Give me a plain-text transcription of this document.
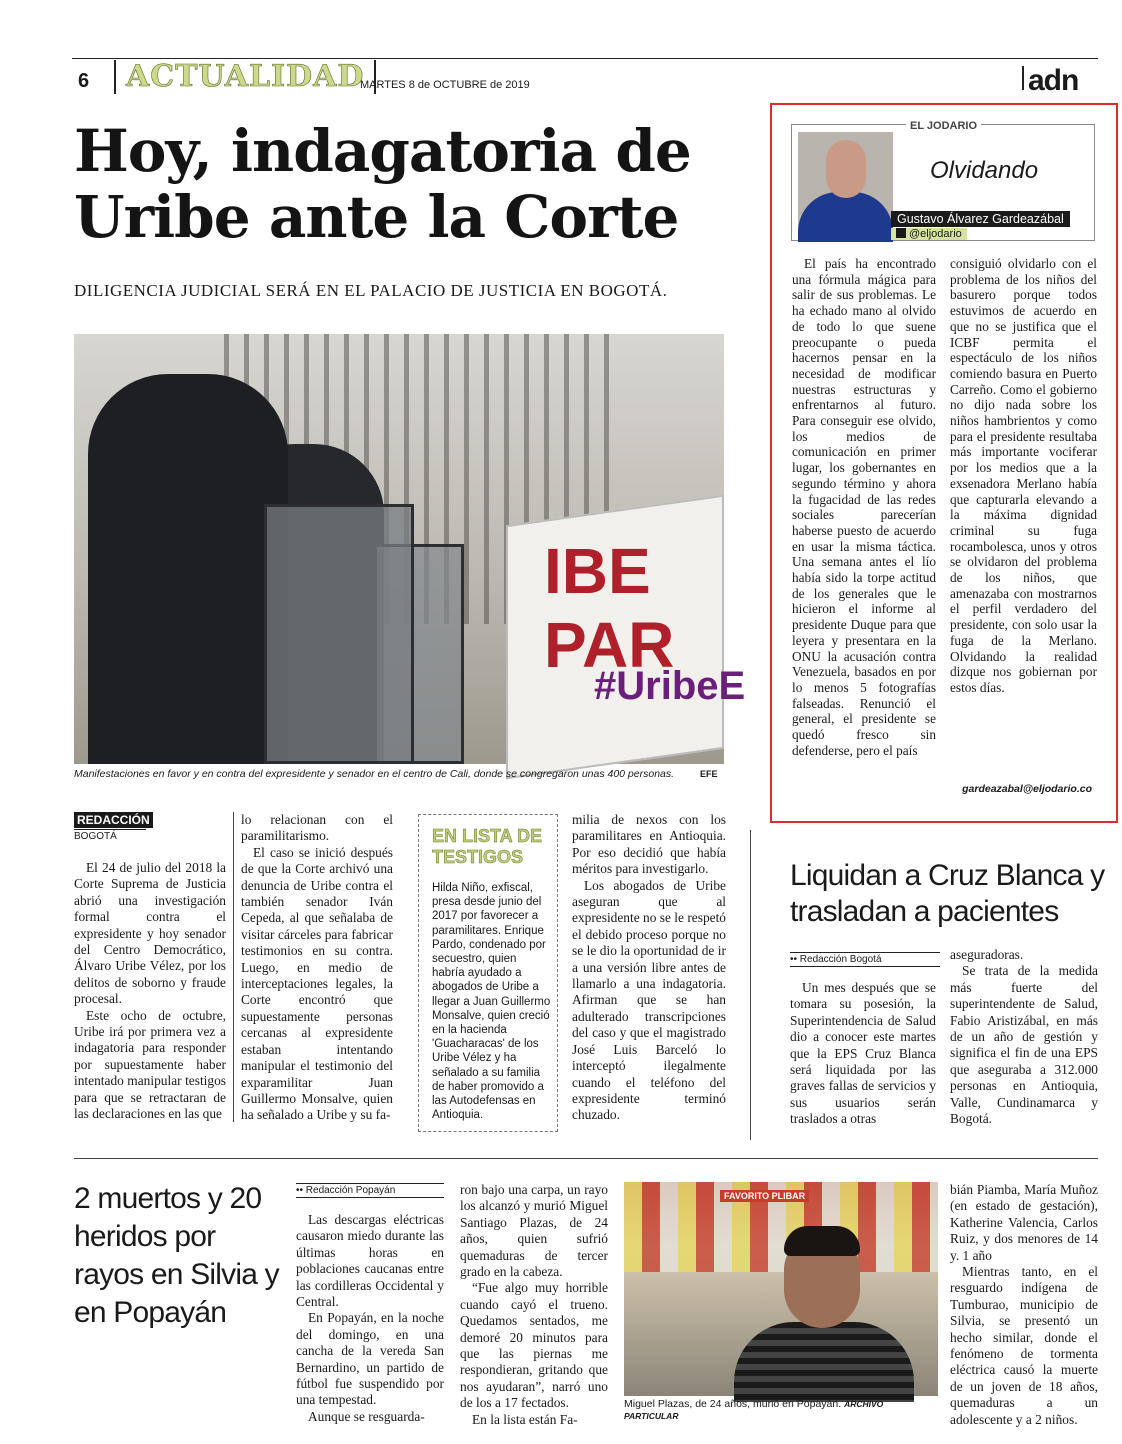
6	ACTUALIDAD
MARTES 8 de OCTUBRE de 2019	adn
Hoy, indagatoria de Uribe ante la Corte
DILIGENCIA JUDICIAL SERÁ EN EL PALACIO DE JUSTICIA EN BOGOTÁ.
IBE PAR
#UribeE
Manifestaciones en favor y en contra del expresidente y senador en el centro de Cali, donde se congregaron unas 400 personas.	EFE
REDACCIÓN
BOGOTÁ

El 24 de julio del 2018 la Corte Suprema de Justicia abrió una investigación formal contra el expresidente y hoy senador del Centro Democrático, Álvaro Uribe Vélez, por los delitos de soborno y fraude procesal.

Este ocho de octubre, Uribe irá por primera vez a indagatoria para responder por supuestamente haber intentado manipular testigos para que se retractaran de las declaraciones en las que

lo relacionan con el paramilitarismo.

El caso se inició después de que la Corte archivó una denuncia de Uribe contra el también senador Iván Cepeda, al que señalaba de visitar cárceles para fabricar testimonios en su contra. Luego, en medio de interceptaciones legales, la Corte encontró que supuestamente personas cercanas al expresidente estaban intentando manipular el testimonio del exparamilitar Juan Guillermo Monsalve, quien ha señalado a Uribe y su fa-

EN LISTA DE TESTIGOS
Hilda Niño, exfiscal, presa desde junio del 2017 por favorecer a paramilitares. Enrique Pardo, condenado por secuestro, quien habría ayudado a abogados de Uribe a llegar a Juan Guillermo Monsalve, quien creció en la hacienda 'Guacharacas' de los Uribe Vélez y ha señalado a su familia de haber promovido a las Autodefensas en Antioquia.

milia de nexos con los paramilitares en Antioquia. Por eso decidió que había méritos para investigarlo.

Los abogados de Uribe aseguran que al expresidente no se le respetó el debido proceso porque no se le dio la oportunidad de ir a una versión libre antes de llamarlo a una indagatoria. Afirman que se han adulterado transcripciones del caso y que el magistrado José Luis Barceló lo interceptó ilegalmente cuando el teléfono del expresidente terminó chuzado.

EL JODARIO
Olvidando
Gustavo Álvarez Gardeazábal
@eljodario

El país ha encontrado una fórmula mágica para salir de sus problemas. Le ha echado mano al olvido de todo lo que suene preocupante o pueda hacernos pensar en la necesidad de modificar nuestras estructuras y enfrentarnos al futuro. Para conseguir ese olvido, los medios de comunicación en primer lugar, los gobernantes en segundo término y ahora la fugacidad de las redes sociales parecerían haberse puesto de acuerdo en usar la misma táctica. Una semana antes el lío había sido la torpe actitud de los generales que le hicieron el informe al presidente Duque para que leyera y presentara en la ONU la acusación contra Venezuela, basados en por lo menos 5 fotografías falseadas. Renunció el general, el presidente se quedó fresco sin defenderse, pero el país

consiguió olvidarlo con el problema de los niños del basurero porque todos estuvimos de acuerdo en que no se justifica que el ICBF permita el espectáculo de los niños comiendo basura en Puerto Carreño. Como el gobierno no dijo nada sobre los niños hambrientos y como para el presidente resultaba más importante vociferar por los medios que a la exsenadora Merlano había que capturarla elevando a la máxima dignidad criminal su fuga rocambolesca, unos y otros se olvidaron del problema de los niños, que amenazaba con mostrarnos el perfil verdadero del presidente, con solo usar la fuga de la Merlano. Olvidando la realidad dizque nos gobiernan por estos días.

gardeazabal@eljodario.co
Liquidan a Cruz Blanca y trasladan a pacientes
•• Redacción Bogotá

Un mes después que se tomara su posesión, la Superintendencia de Salud dio a conocer este martes que la EPS Cruz Blanca será liquidada por las graves fallas de servicios y sus usuarios serán traslados a otras

aseguradoras.

Se trata de la medida más fuerte del superintendente de Salud, Fabio Aristizábal, en más de un año de gestión y significa el fin de una EPS que aseguraba a 312.000 personas en Antioquia, Valle, Cundinamarca y Bogotá.

2 muertos y 20 heridos por rayos en Silvia y en Popayán
•• Redacción Popayán

Las descargas eléctricas causaron miedo durante las últimas horas en poblaciones caucanas entre las cordilleras Occidental y Central.

En Popayán, en la noche del domingo, en una cancha de la vereda San Bernardino, un partido de fútbol fue suspendido por una tempestad.

Aunque se resguarda-

ron bajo una carpa, un rayo los alcanzó y murió Miguel Santiago Plazas, de 24 años, quien sufrió quemaduras de tercer grado en la cabeza.

“Fue algo muy horrible cuando cayó el trueno. Quedamos sentados, me demoré 20 minutos para que las piernas me respondieran, gritando que nos ayudaran”, narró uno de los a 17 fectados.

En la lista están Fa-

FAVORITO PLIBAR
Miguel Plazas, de 24 años, murió en Popayán. ARCHIVO PARTICULAR

bián Piamba, María Muñoz (en estado de gestación), Katherine Valencia, Carlos Ruiz, y dos menores de 14 y. 1 año

Mientras tanto, en el resguardo indígena de Tumburao, municipio de Silvia, se presentó un hecho similar, donde el fenómeno de tormenta eléctrica causó la muerte de un joven de 18 años, quemaduras a un adolescente y a 2 niños.
